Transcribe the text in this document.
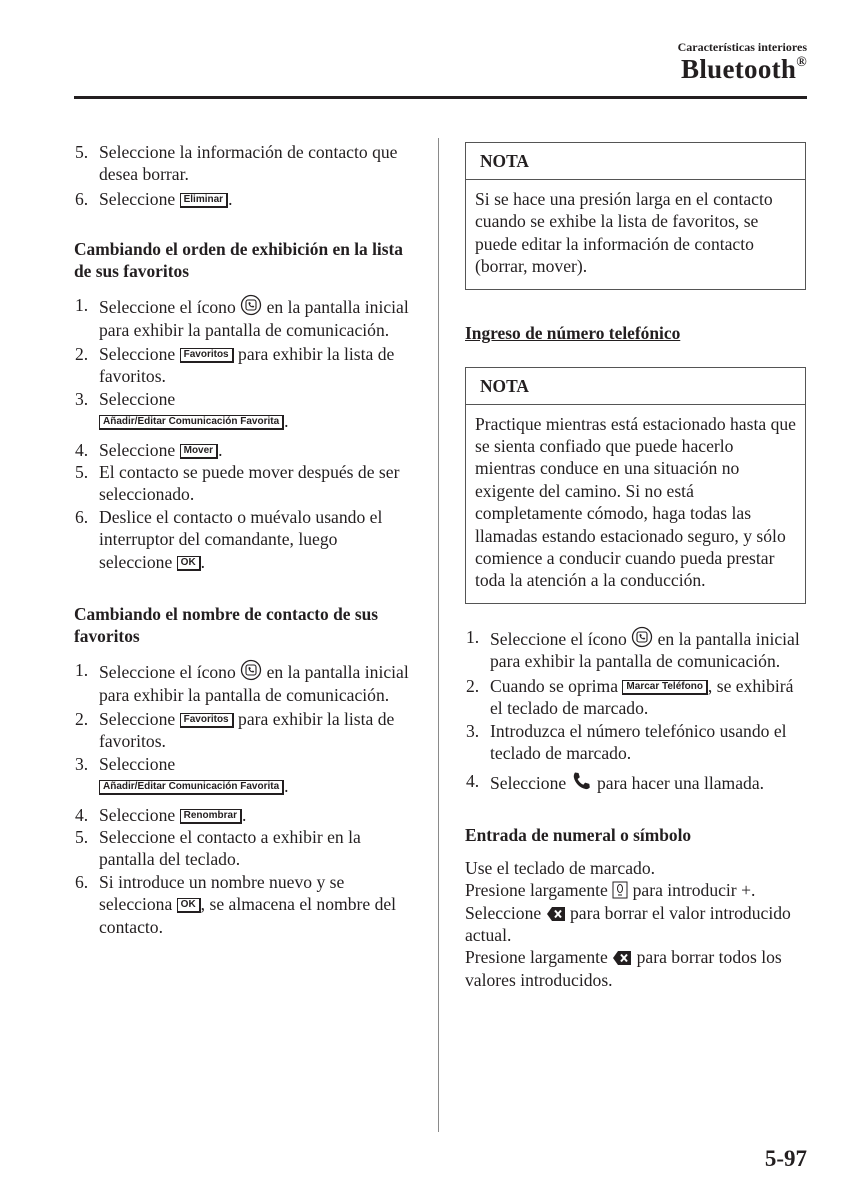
Características interiores
Bluetooth®
5. Seleccione la información de contacto que desea borrar.
6. Seleccione Eliminar .

Cambiando el orden de exhibición en la lista de sus favoritos

1. Seleccione el ícono  en la pantalla inicial para exhibir la pantalla de comunicación.
2. Seleccione Favoritos para exhibir la lista de favoritos.
3. Seleccione
Añadir/Editar Comunicación Favorita .
4. Seleccione Mover .
5. El contacto se puede mover después de ser seleccionado.
6. Deslice el contacto o muévalo usando el interruptor del comandante, luego seleccione OK .

Cambiando el nombre de contacto de sus favoritos

1. Seleccione el ícono  en la pantalla inicial para exhibir la pantalla de comunicación.
2. Seleccione Favoritos para exhibir la lista de favoritos.
3. Seleccione
Añadir/Editar Comunicación Favorita .
4. Seleccione Renombrar .
5. Seleccione el contacto a exhibir en la pantalla del teclado.
6. Si introduce un nombre nuevo y se selecciona OK , se almacena el nombre del contacto.
NOTA

Si se hace una presión larga en el contacto cuando se exhibe la lista de favoritos, se puede editar la información de contacto (borrar, mover).

Ingreso de número telefónico

NOTA

Practique mientras está estacionado hasta que se sienta confiado que puede hacerlo mientras conduce en una situación no exigente del camino. Si no está completamente cómodo, haga todas las llamadas estando estacionado seguro, y sólo comience a conducir cuando pueda prestar toda la atención a la conducción.

1. Seleccione el ícono  en la pantalla inicial para exhibir la pantalla de comunicación.
2. Cuando se oprima Marcar Teléfono , se exhibirá el teclado de marcado.
3. Introduzca el número telefónico usando el teclado de marcado.
4. Seleccione  para hacer una llamada.

Entrada de numeral o símbolo

Use el teclado de marcado.

Presione largamente  para introducir +.

Seleccione  para borrar el valor introducido actual.

Presione largamente  para borrar todos los valores introducidos.

5-97
